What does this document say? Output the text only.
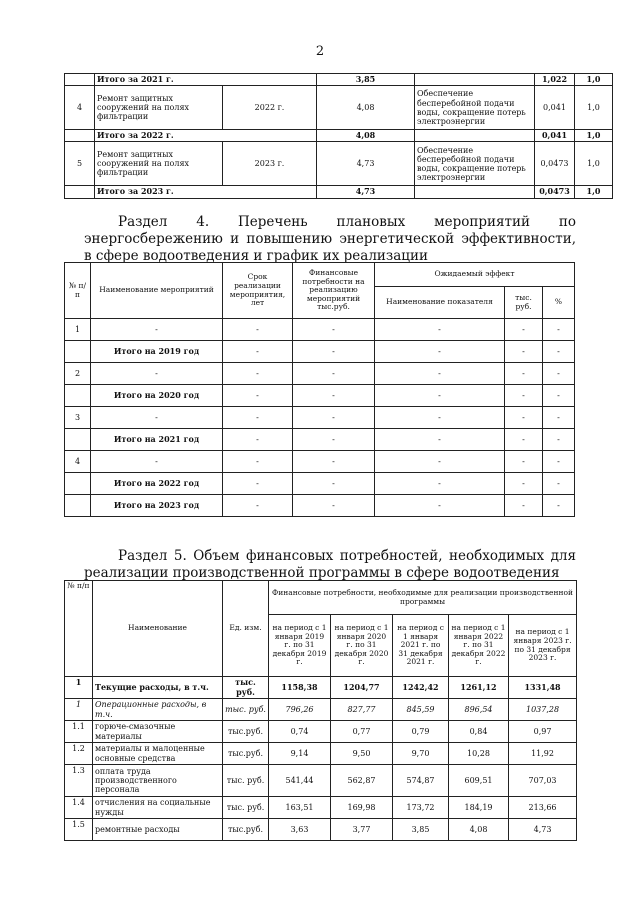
2
	Итого за 2021 г.		3,85		1,022	1,0
4	Ремонт защитных сооружений на полях фильтрации	2022 г.	4,08	Обеспечение бесперебойной подачи воды, сокращение потерь электроэнергии	0,041	1,0
	Итого за 2022 г.		4,08		0,041	1,0
5	Ремонт защитных сооружений на полях фильтрации	2023 г.	4,73	Обеспечение бесперебойной подачи воды, сокращение потерь электроэнергии	0,0473	1,0
	Итого за 2023 г.		4,73		0,0473	1,0
Раздел 4. Перечень плановых мероприятий по энергосбережению и повышению энергетической эффективности, в сфере водоотведения и график их реализации
№ п/п	Наименование мероприятий	Срок реализации мероприятия, лет	Финансовые потребности на реализацию мероприятий тыс.руб.	Ожидаемый эффект		
				Наименование показателя	тыс. руб.	%
1	-	-	-	-	-	-
	Итого на 2019 год	-	-	-	-	-
2	-	-	-	-	-	-
	Итого на 2020 год	-	-	-	-	-
3	-	-	-	-	-	-
	Итого на 2021 год	-	-	-	-	-
4	-	-	-	-	-	-
	Итого на 2022 год	-	-	-	-	-
	Итого на 2023 год	-	-	-	-	-
Раздел 5. Объем финансовых потребностей, необходимых для реализации производственной программы в сфере водоотведения
№ п/п	Наименование	Ед. изм.	Финансовые потребности, необходимые для реализации производственной программы				
			на период с 1 января 2019 г. по 31 декабря 2019 г.	на период с 1 января 2020 г. по 31 декабря 2020 г.	на период с 1 января 2021 г. по 31 декабря 2021 г.	на период с 1 января 2022 г. по 31 декабря 2022 г.	на период с 1 января 2023 г. по 31 декабря 2023 г.
1	Текущие расходы, в т.ч.	тыс. руб.	1158,38	1204,77	1242,42	1261,12	1331,48
1	Операционные расходы, в т.ч.	тыс. руб.	796,26	827,77	845,59	896,54	1037,28
1.1	горюче-смазочные материалы	тыс.руб.	0,74	0,77	0,79	0,84	0,97
1.2	материалы и малоценные основные средства	тыс.руб.	9,14	9,50	9,70	10,28	11,92
1.3	оплата труда производственного персонала	тыс. руб.	541,44	562,87	574,87	609,51	707,03
1.4	отчисления на социальные нужды	тыс. руб.	163,51	169,98	173,72	184,19	213,66
1.5	ремонтные расходы	тыс.руб.	3,63	3,77	3,85	4,08	4,73
